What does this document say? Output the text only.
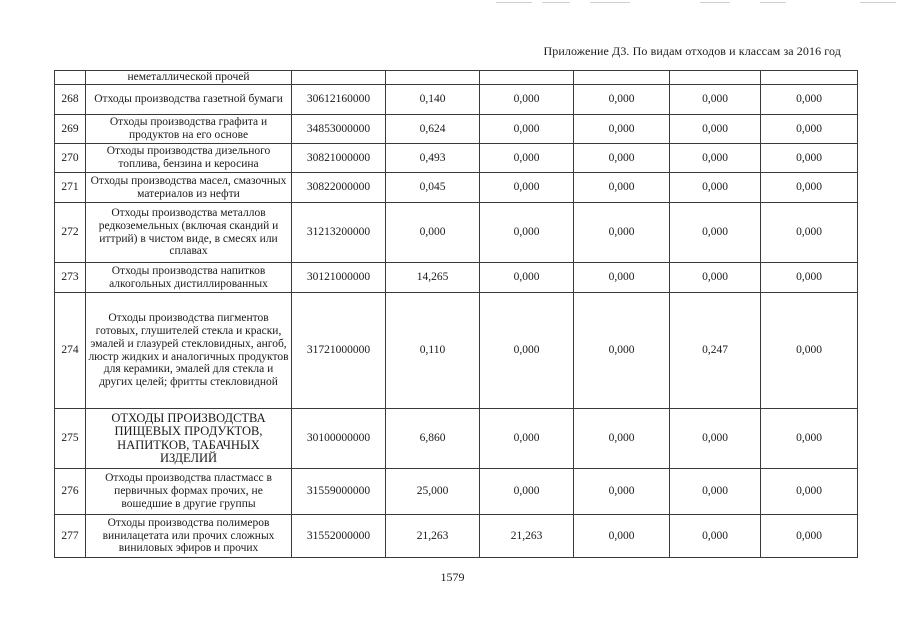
Приложение Д3. По видам отходов и классам за 2016 год
	неметаллической прочей						
268	Отходы производства газетной бумаги	30612160000	0,140	0,000	0,000	0,000	0,000
269	Отходы производства графита и продуктов на его основе	34853000000	0,624	0,000	0,000	0,000	0,000
270	Отходы производства дизельного топлива, бензина и керосина	30821000000	0,493	0,000	0,000	0,000	0,000
271	Отходы производства масел, смазочных материалов из нефти	30822000000	0,045	0,000	0,000	0,000	0,000
272	Отходы производства металлов редкоземельных (включая скандий и иттрий) в чистом виде, в смесях или сплавах	31213200000	0,000	0,000	0,000	0,000	0,000
273	Отходы производства напитков алкогольных дистиллированных	30121000000	14,265	0,000	0,000	0,000	0,000
274	Отходы производства пигментов готовых, глушителей стекла и краски, эмалей и глазурей стекловидных, ангоб, люстр жидких и аналогичных продуктов для керамики, эмалей для стекла и других целей; фритты стекловидной	31721000000	0,110	0,000	0,000	0,247	0,000
275	ОТХОДЫ ПРОИЗВОДСТВА ПИЩЕВЫХ ПРОДУКТОВ, НАПИТКОВ, ТАБАЧНЫХ ИЗДЕЛИЙ	30100000000	6,860	0,000	0,000	0,000	0,000
276	Отходы производства пластмасс в первичных формах прочих, не вошедшие в другие группы	31559000000	25,000	0,000	0,000	0,000	0,000
277	Отходы производства полимеров винилацетата или прочих сложных виниловых эфиров и прочих	31552000000	21,263	21,263	0,000	0,000	0,000
1579
